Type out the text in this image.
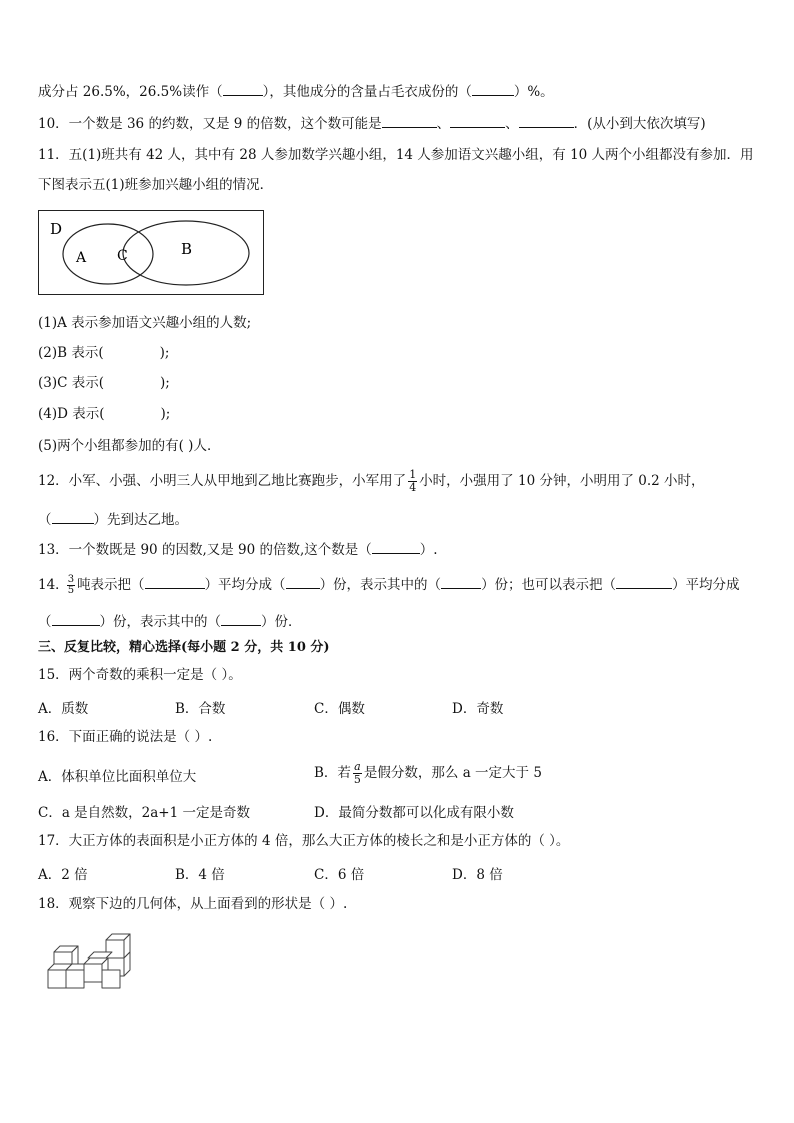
成分占 26.5%，26.5%读作（	），其他成分的含量占毛衣成份的（	）%。
10．一个数是 36 的约数，又是 9 的倍数，这个数可能是	、	、	．(从小到大依次填写)
11．五(1)班共有 42 人，其中有 28 人参加数学兴趣小组，14 人参加语文兴趣小组，有 10 人两个小组都没有参加．用
下图表示五(1)班参加兴趣小组的情况．
D
A C	B
(1)A 表示参加语文兴趣小组的人数;
(2)B 表示(	);
(3)C 表示(	);
(4)D 表示(	);
(5)两个小组都参加的有( )人．
12．小军、小强、小明三人从甲地到乙地比赛跑步，小军用了 $\frac{1}{4}$ 小时，小强用了 10 分钟，小明用了 0.2 小时，
（	）先到达乙地。
13．一个数既是 90 的因数,又是 90 的倍数,这个数是（	）.
14．
$\frac{3}{5}$ 吨表示把（	）平均分成（	）份，表示其中的（	）份；也可以表示把（	）平均分成
（	）份，表示其中的（	）份．
三、反复比较，精心选择(每小题 2 分，共 10 分)
15．两个奇数的乘积一定是（ ）。
A．质数	B．合数	C．偶数	D．奇数
16．下面正确的说法是（ ）.
A．体积单位比面积单位大	B．若 $\frac{a}{5}$ 是假分数，那么 a 一定大于 5
C．a 是自然数，2a+1 一定是奇数	D．最简分数都可以化成有限小数
17．大正方体的表面积是小正方体的 4 倍，那么大正方体的棱长之和是小正方体的（ ）。
A．2 倍	B．4 倍	C．6 倍	D．8 倍
18．观察下边的几何体，从上面看到的形状是（ ）.
